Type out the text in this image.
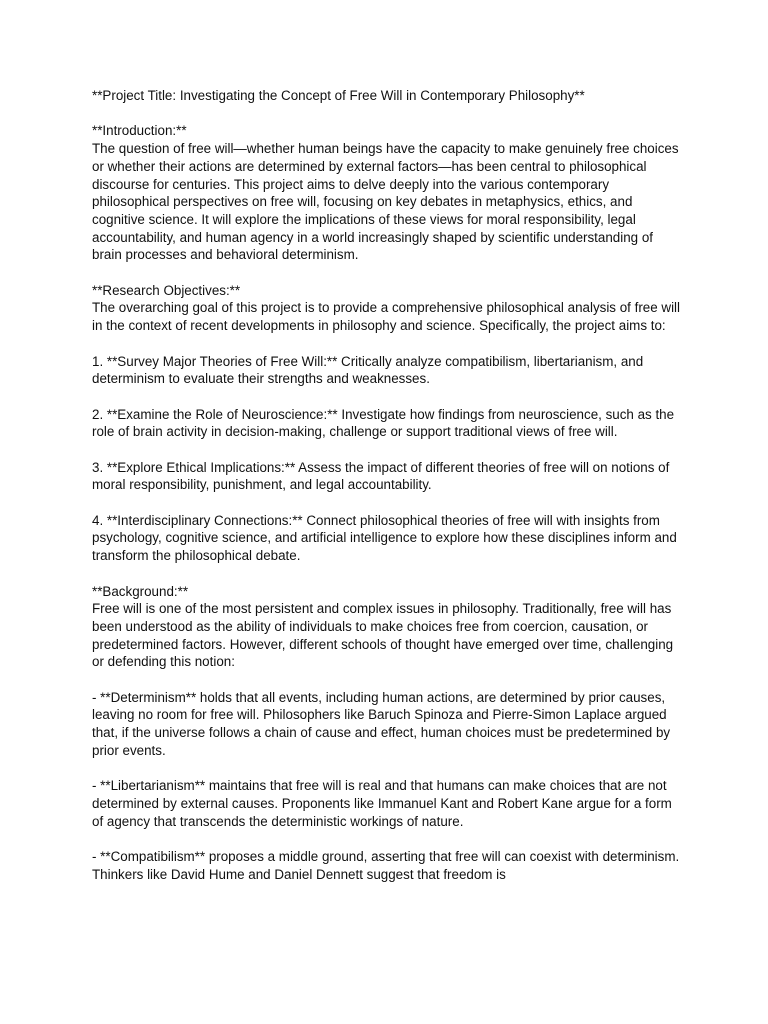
**Project Title: Investigating the Concept of Free Will in Contemporary Philosophy**

**Introduction:**

The question of free will—whether human beings have the capacity to make genuinely free choices or whether their actions are determined by external factors—has been central to philosophical discourse for centuries. This project aims to delve deeply into the various contemporary philosophical perspectives on free will, focusing on key debates in metaphysics, ethics, and cognitive science. It will explore the implications of these views for moral responsibility, legal accountability, and human agency in a world increasingly shaped by scientific understanding of brain processes and behavioral determinism.

**Research Objectives:**

The overarching goal of this project is to provide a comprehensive philosophical analysis of free will in the context of recent developments in philosophy and science. Specifically, the project aims to:

1. **Survey Major Theories of Free Will:** Critically analyze compatibilism, libertarianism, and determinism to evaluate their strengths and weaknesses.

2. **Examine the Role of Neuroscience:** Investigate how findings from neuroscience, such as the role of brain activity in decision-making, challenge or support traditional views of free will.

3. **Explore Ethical Implications:** Assess the impact of different theories of free will on notions of moral responsibility, punishment, and legal accountability.

4. **Interdisciplinary Connections:** Connect philosophical theories of free will with insights from psychology, cognitive science, and artificial intelligence to explore how these disciplines inform and transform the philosophical debate.

**Background:**

Free will is one of the most persistent and complex issues in philosophy. Traditionally, free will has been understood as the ability of individuals to make choices free from coercion, causation, or predetermined factors. However, different schools of thought have emerged over time, challenging or defending this notion:

- **Determinism** holds that all events, including human actions, are determined by prior causes, leaving no room for free will. Philosophers like Baruch Spinoza and Pierre-Simon Laplace argued that, if the universe follows a chain of cause and effect, human choices must be predetermined by prior events.

- **Libertarianism** maintains that free will is real and that humans can make choices that are not determined by external causes. Proponents like Immanuel Kant and Robert Kane argue for a form of agency that transcends the deterministic workings of nature.

- **Compatibilism** proposes a middle ground, asserting that free will can coexist with determinism. Thinkers like David Hume and Daniel Dennett suggest that freedom is
